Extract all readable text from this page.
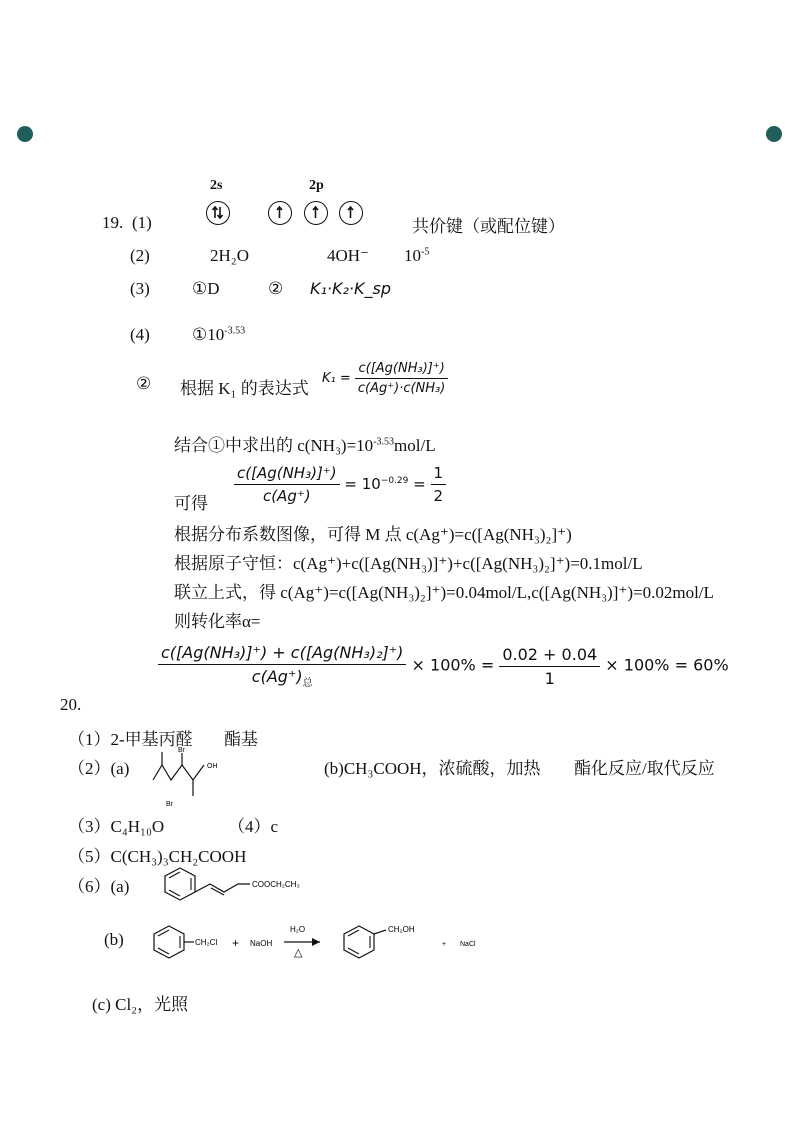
19. (1)
2s	2p
共价键（或配位键）
(2)	2H₂O	4OH⁻ $10^{-5}$
(3) ①D	② K₁·K₂·K_sp
(4) $①10^{-3.53}$
② 根据 K₁ 的表达式
$K_1 = \frac{\text{c([Ag(NH₃)]⁺)}}{\text{c(Ag⁺)·c(NH₃)}}$
结合①中求出的 $c(NH_3)=10^{-3.53}mol/L$
可得 $\frac{\text{c([Ag(NH₃)]⁺)}}{c(Ag^+)} = 10^{-0.29} = \frac{1}{2}$
根据分布系数图像，可得 M 点 c(Ag⁺)=c([Ag(NH₃)₂]⁺)
根据原子守恒：c(Ag⁺)+c([Ag(NH₃)]⁺)+c([Ag(NH₃)₂]⁺)=0.1mol/L
联立上式，得 c(Ag⁺)=c([Ag(NH₃)₂]⁺)=0.04mol/L,c([Ag(NH₃)]⁺)=0.02mol/L
则转化率α=
$\frac{\text{c([Ag(NH₃)]⁺) + c([Ag(NH₃)₂]⁺)}}{c(Ag^+)_总} \times 100\% = \frac{0.02 + 0.04}{1} \times 100\% = 60\%$
20.
（1）2-甲基丙醛 酯基
（2）(a)
Br
Br
OH	(b)CH₃COOH，浓硫酸，加热 酯化反应/取代反应
（3）C₄H₁₀O	（4）c
（5）C(CH₃)₃CH₂COOH
（6）(a)	COOCH₂CH₃
(b)	CH₂Cl + NaOH
H₂O
△
CH₂OH
+ NaCl
(c) Cl₂，光照
